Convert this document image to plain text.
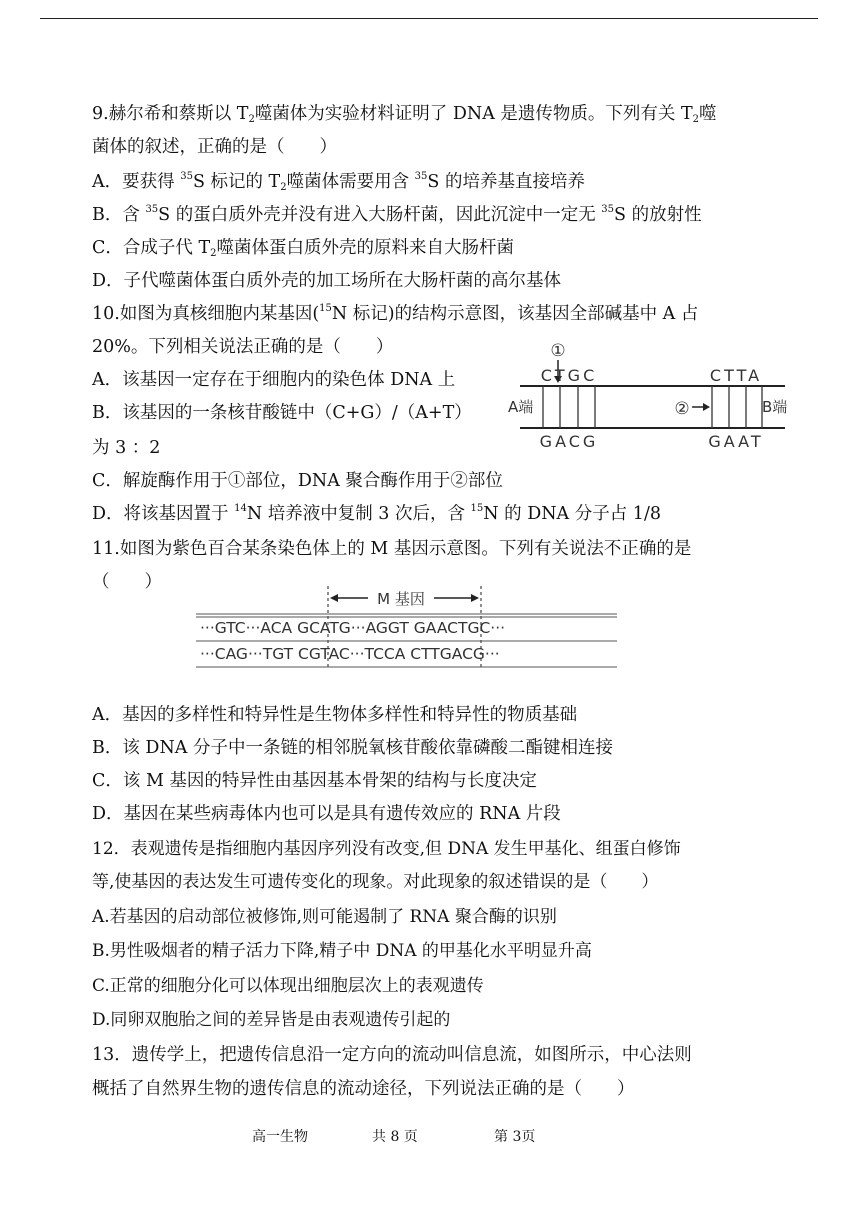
9.赫尔希和蔡斯以 $T_2$噬菌体为实验材料证明了 DNA 是遗传物质。下列有关 $T_2$噬
菌体的叙述，正确的是（　　）
A．要获得 $^{35}$S 标记的 $T_2$噬菌体需要用含 $^{35}$S 的培养基直接培养
B．含 $^{35}$S 的蛋白质外壳并没有进入大肠杆菌，因此沉淀中一定无 $^{35}$S 的放射性
C．合成子代 $T_2$噬菌体蛋白质外壳的原料来自大肠杆菌
D．子代噬菌体蛋白质外壳的加工场所在大肠杆菌的高尔基体
10.如图为真核细胞内某基因($^{15}$N 标记)的结构示意图，该基因全部碱基中 A 占
20%。下列相关说法正确的是（　　）
A．该基因一定存在于细胞内的染色体 DNA 上
B．该基因的一条核苷酸链中（C+G）/（A+T）
为 3 ：2
C．解旋酶作用于①部位，DNA 聚合酶作用于②部位
D．将该基因置于 $^{14}$N 培养液中复制 3 次后，含 $^{15}$N 的 DNA 分子占 1/8
①
CTGC	CTTA
GACG	GAAT
A端	B端
②
11.如图为紫色百合某条染色体上的 M 基因示意图。下列有关说法不正确的是
（　　）
M 基因
···GTC···ACA GCATG···AGGT GAACTGC···
···CAG···TGT CGTAC···TCCA CTTGACG···
A．基因的多样性和特异性是生物体多样性和特异性的物质基础
B．该 DNA 分子中一条链的相邻脱氧核苷酸依靠磷酸二酯键相连接
C．该 M 基因的特异性由基因基本骨架的结构与长度决定
D．基因在某些病毒体内也可以是具有遗传效应的 RNA 片段
12．表观遗传是指细胞内基因序列没有改变,但 DNA 发生甲基化、组蛋白修饰
等,使基因的表达发生可遗传变化的现象。对此现象的叙述错误的是（　　）
A.若基因的启动部位被修饰,则可能遏制了 RNA 聚合酶的识别
B.男性吸烟者的精子活力下降,精子中 DNA 的甲基化水平明显升高
C.正常的细胞分化可以体现出细胞层次上的表观遗传
D.同卵双胞胎之间的差异皆是由表观遗传引起的
13．遗传学上，把遗传信息沿一定方向的流动叫信息流，如图所示，中心法则
概括了自然界生物的遗传信息的流动途径，下列说法正确的是（　　）
高一生物	共 8 页	第 3页
